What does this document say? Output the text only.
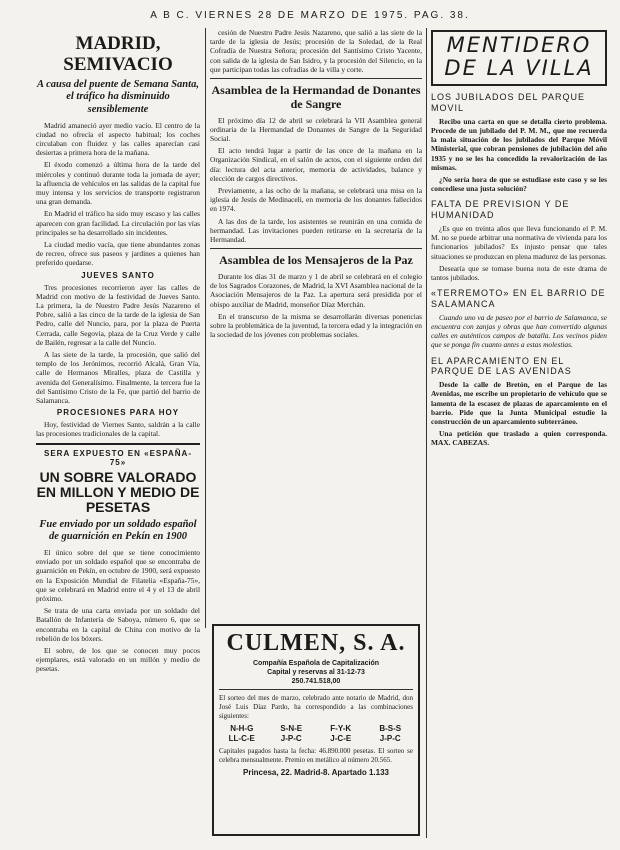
A B C. VIERNES 28 DE MARZO DE 1975. PAG. 38.
MADRID, SEMIVACIO
A causa del puente de Semana Santa, el tráfico ha disminuido sensiblemente

Madrid amaneció ayer medio vacío. El centro de la ciudad no ofrecía el aspecto habitual; los coches circulaban con fluidez y las calles aparecían casi desiertas a primera hora de la mañana.

El éxodo comenzó a última hora de la tarde del miércoles y continuó durante toda la jornada de ayer; la afluencia de vehículos en las salidas de la capital fue muy intensa y los servicios de transporte registraron una gran demanda.

En Madrid el tráfico ha sido muy escaso y las calles aparecen con gran facilidad. La circulación por las vías principales se ha desarrollado sin incidentes.

La ciudad medio vacía, que tiene abundantes zonas de recreo, ofrece sus paseos y jardines a quienes han preferido quedarse.

JUEVES SANTO

Tres procesiones recorrieron ayer las calles de Madrid con motivo de la festividad de Jueves Santo. La primera, la de Nuestro Padre Jesús Nazareno el Pobre, salió a las cinco de la tarde de la iglesia de San Pedro, calle del Nuncio, para, por la plaza de Puerta Cerrada, calle Segovia, plaza de la Cruz Verde y calle de Bailén, regresar a la calle del Nuncio.

A las siete de la tarde, la procesión, que salió del templo de los Jerónimos, recorrió Alcalá, Gran Vía, calle de Hermanos Miralles, plaza de Castilla y avenida del Generalísimo. Finalmente, la tercera fue la del Santísimo Cristo de la Fe, que partió del barrio de Salamanca.

PROCESIONES PARA HOY

Hoy, festividad de Viernes Santo, saldrán a la calle las procesiones tradicionales de la capital.

SERA EXPUESTO EN «ESPAÑA-75»
UN SOBRE VALORADO EN MILLON Y MEDIO DE PESETAS
Fue enviado por un soldado español de guarnición en Pekín en 1900

El único sobre del que se tiene conocimiento enviado por un soldado español que se encontraba de guarnición en Pekín, en octubre de 1900, será expuesto en la Exposición Mundial de Filatelia «España-75», que se celebrará en Madrid entre el 4 y el 13 de abril próximo.

Se trata de una carta enviada por un soldado del Batallón de Infantería de Saboya, número 6, que se encontraba en la capital de China con motivo de la rebelión de los bóxers.

El sobre, de los que se conocen muy pocos ejemplares, está valorado en un millón y medio de pesetas.

cesión de Nuestro Padre Jesús Nazareno, que salió a las siete de la tarde de la iglesia de Jesús; procesión de la Soledad, de la Real Cofradía de Nuestra Señora; procesión del Santísimo Cristo Yacente, con salida de la iglesia de San Isidro, y la procesión del Silencio, en la que participan todas las cofradías de la villa y corte.

Asamblea de la Hermandad de Donantes de Sangre

El próximo día 12 de abril se celebrará la VII Asamblea general ordinaria de la Hermandad de Donantes de Sangre de la Seguridad Social.

El acto tendrá lugar a partir de las once de la mañana en la Organización Sindical, en el salón de actos, con el siguiente orden del día: lectura del acta anterior, memoria de actividades, balance y elección de cargos directivos.

Previamente, a las ocho de la mañana, se celebrará una misa en la iglesia de Jesús de Medinaceli, en memoria de los donantes fallecidos en 1974.

A las dos de la tarde, los asistentes se reunirán en una comida de hermandad. Las invitaciones pueden retirarse en la secretaría de la Hermandad.

Asamblea de los Mensajeros de la Paz

Durante los días 31 de marzo y 1 de abril se celebrará en el colegio de los Sagrados Corazones, de Madrid, la XVI Asamblea nacional de la Asociación Mensajeros de la Paz. La apertura será presidida por el obispo auxiliar de Madrid, monseñor Díaz Merchán.

En el transcurso de la misma se desarrollarán diversas ponencias sobre la problemática de la juventud, la tercera edad y la integración en la sociedad de los jóvenes con problemas sociales.

CULMEN, S. A.
Compañía Española de Capitalización
Capital y reservas al 31-12-73
250.741.518,00

El sorteo del mes de marzo, celebrado ante notario de Madrid, don José Luis Díaz Pardo, ha correspondido a las combinaciones siguientes:

N-H-G	S-N-E	F-Y-K	B-S-S
LL-C-E	J-P-C	J-C-E	J-P-C

Capitales pagados hasta la fecha: 46.890.000 pesetas. El sorteo se celebra mensualmente. Premio en metálico al número 20.565.

Princesa, 22. Madrid-8. Apartado 1.133
MENTIDERO
DE LA VILLA
LOS JUBILADOS DEL PARQUE MOVIL

Recibo una carta en que se detalla cierto problema. Procede de un jubilado del P. M. M., que me recuerda la mala situación de los jubilados del Parque Móvil Ministerial, que cobran pensiones de jubilación del año 1935 y no se les ha concedido la revalorización de las mismas.

¿No sería hora de que se estudiase este caso y se les concediese una justa solución?

FALTA DE PREVISION Y DE HUMANIDAD

¿Es que en treinta años que lleva funcionando el P. M. M. no se puede arbitrar una normativa de vivienda para los funcionarios jubilados? Es injusto pensar que tales situaciones se produzcan en plena madurez de las personas.

Desearía que se tomase buena nota de este drama de tantos jubilados.

«TERREMOTO» EN EL BARRIO DE SALAMANCA

Cuando uno va de paseo por el barrio de Salamanca, se encuentra con zanjas y obras que han convertido algunas calles en auténticos campos de batalla. Los vecinos piden que se ponga fin cuanto antes a estas molestias.

EL APARCAMIENTO EN EL PARQUE DE LAS AVENIDAS

Desde la calle de Bretón, en el Parque de las Avenidas, me escribe un propietario de vehículo que se lamenta de la escasez de plazas de aparcamiento en el barrio. Pide que la Junta Municipal estudie la construcción de un aparcamiento subterráneo.

Una petición que traslado a quien corresponda. MAX. CABEZAS.
